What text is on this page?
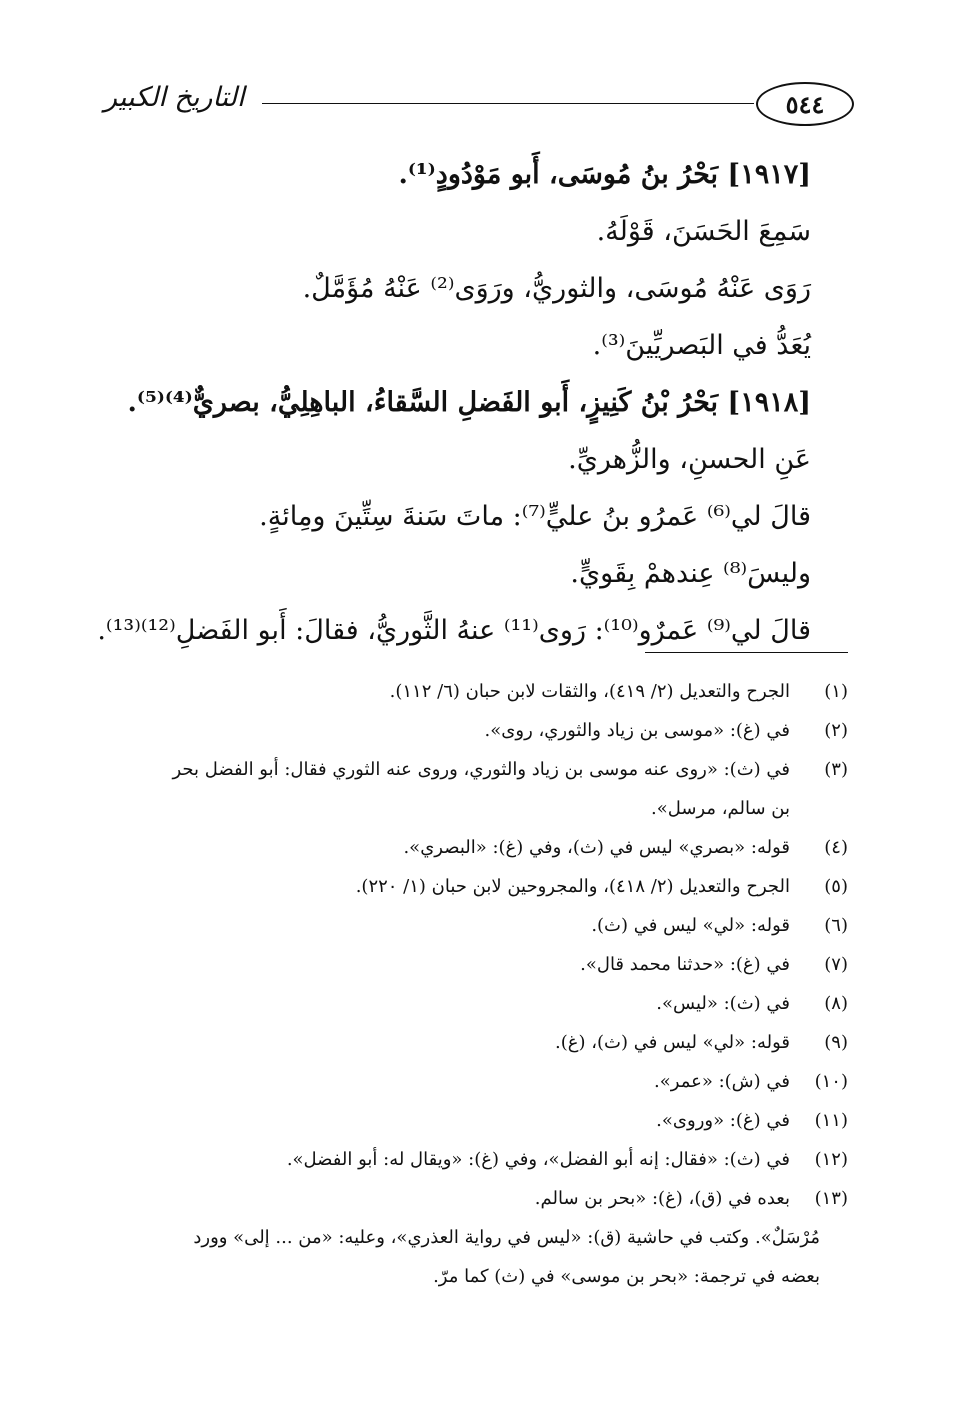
٥٤٤
التاريخ الكبير
[١٩١٧] بَحْرُ بنُ مُوسَى، أَبو مَوْدُودٍ⁽¹⁾.
سَمِعَ الحَسَنَ، قَوْلَهُ.
رَوَى عَنْهُ مُوسَى، والثوريُّ، ورَوَى⁽²⁾ عَنْهُ مُؤَمَّلٌ.
يُعَدُّ في البَصريِّينَ⁽³⁾.
[١٩١٨] بَحْرُ بْنُ كَنِيزٍ، أَبو الفَضلِ السَّقاءُ، الباهِلِيُّ، بصريٌّ⁽⁴⁾⁽⁵⁾.
عَنِ الحسنِ، والزُّهريِّ.
قالَ لي⁽⁶⁾ عَمرُو بنُ عليٍّ⁽⁷⁾: ماتَ سَنةَ سِتِّينَ ومِائةٍ.
وليسَ⁽⁸⁾ عِندهمْ بِقَويٍّ.
قالَ لي⁽⁹⁾ عَمرٌو⁽¹⁰⁾: رَوى⁽¹¹⁾ عنهُ الثَّوريُّ، فقالَ: أَبو الفَضلِ⁽¹²⁾⁽¹³⁾.
(١)الجرح والتعديل (٢/ ٤١٩)، والثقات لابن حبان (٦/ ١١٢).
(٢)في (غ): «موسى بن زياد والثوري، روى».
(٣)في (ث): «روى عنه موسى بن زياد والثوري، وروى عنه الثوري فقال: أبو الفضل بحر
بن سالم، مرسل».
(٤)قوله: «بصري» ليس في (ث)، وفي (غ): «البصري».
(٥)الجرح والتعديل (٢/ ٤١٨)، والمجروحين لابن حبان (١/ ٢٢٠).
(٦)قوله: «لي» ليس في (ث).
(٧)في (غ): «حدثنا محمد قال».
(٨)في (ث): «ليس».
(٩)قوله: «لي» ليس في (ث)، (غ).
(١٠)في (ش): «عمر».
(١١)في (غ): «وروى».
(١٢)في (ث): «فقال: إنه أبو الفضل»، وفي (غ): «ويقال له: أبو الفضل».
(١٣)بعده في (ق)، (غ): «بحر بن سالم.
مُرْسَلٌ». وكتب في حاشية (ق): «ليس في رواية العذري»، وعليه: «من ... إلى» وورد
بعضه في ترجمة: «بحر بن موسى» في (ث) كما مرّ.
